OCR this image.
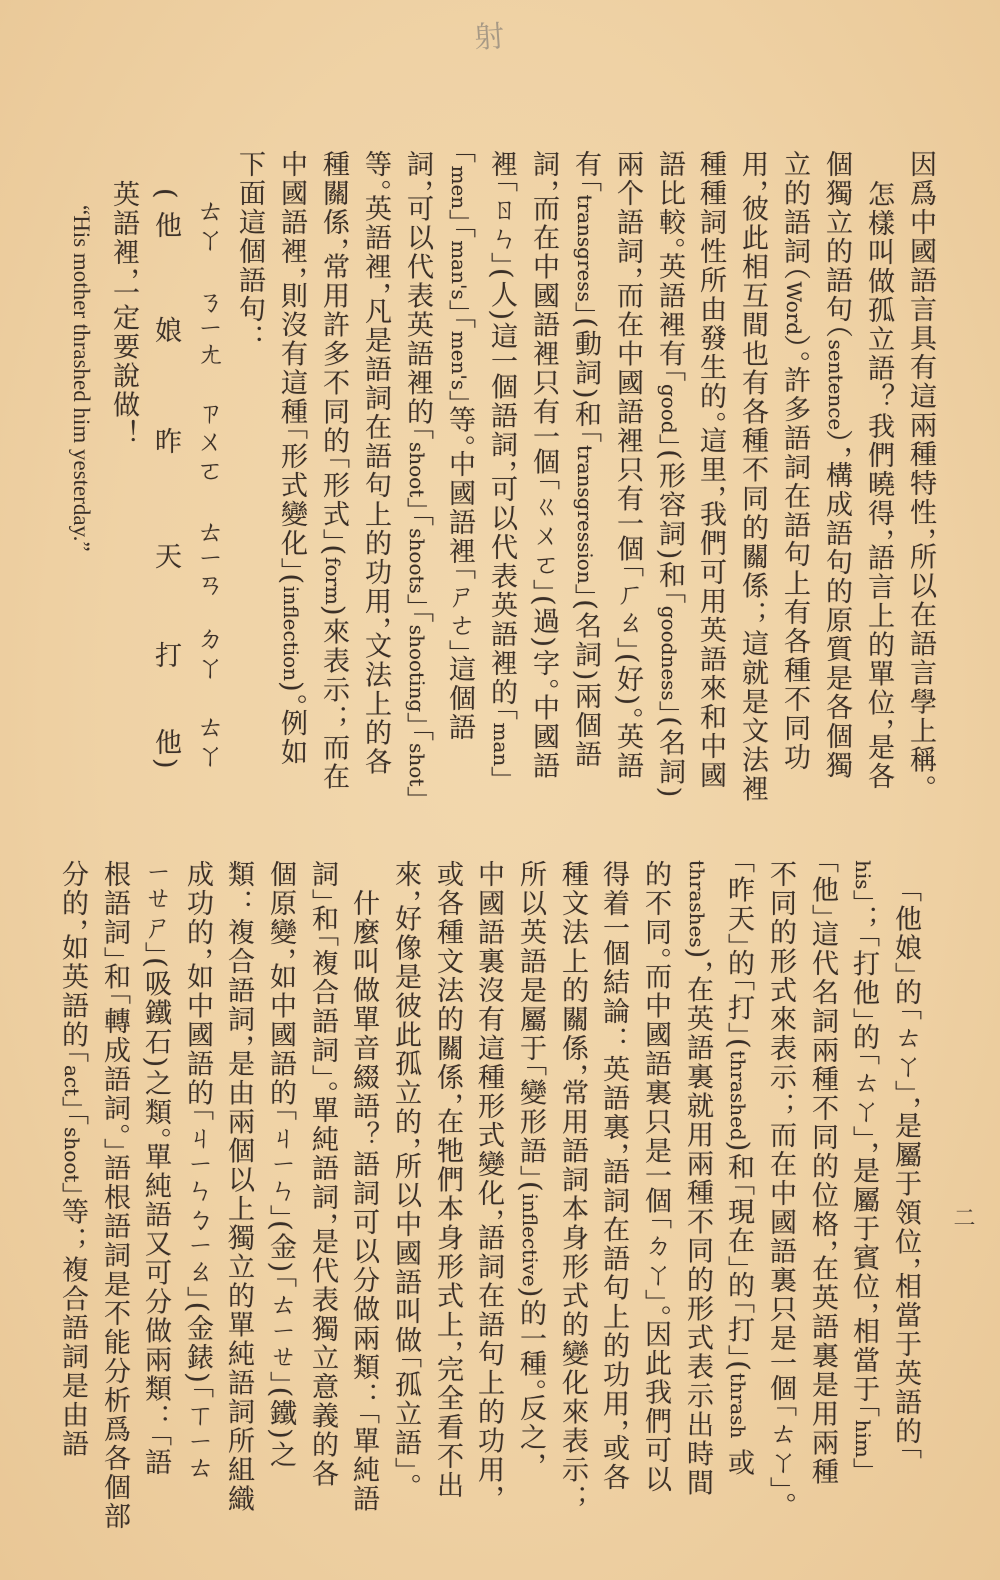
射
因爲中國語言具有這兩種特性，所以在語言學上稱。
怎樣叫做孤立語？我們曉得，語言上的單位，是各
個獨立的語句（sentence），構成語句的原質是各個獨
立的語詞（Word）。許多語詞在語句上有各種不同功
用，彼此相互間也有各種不同的關係；這就是文法裡
種種詞性所由發生的。這里，我們可用英語來和中國
語比較。英語裡有「good」(形容詞)和「goodness」(名詞)
兩个語詞，而在中國語裡只有一個「ㄏㄠ」(好)。英語
有「transgress」(動詞)和「transgression」(名詞)兩個語
詞，而在中國語裡只有一個「ㄍㄨㄛ」(過)字。中國語
裡「ㄖㄣ」(人)這一個語詞，可以代表英語裡的「man」
「men」「man's」「men's」等。中國語裡「ㄕㄜ」這個語
詞，可以代表英語裡的「shoot」「shoots」「shooting」「shot」
等。英語裡，凡是語詞在語句上的功用，文法上的各
種關係，常用許多不同的「形式」(form)來表示；而在
中國語裡，則沒有這種「形式變化」(inflection)。例如
下面這個語句：
ㄊㄚ
ㄋㄧㄤ
ㄗㄨㄛ
ㄊㄧㄢ
ㄉㄚ
ㄊㄚ
(
他
娘
昨
天
打
他
)
英語裡，一定要說做！
“His mother thrashed him yesterday.”
二
「他娘」的「ㄊㄚ」，是屬于領位，相當于英語的「
his」；「打他」的「ㄊㄚ」，是屬于賓位，相當于「him」
「他」這代名詞兩種不同的位格，在英語裏是用兩種
不同的形式來表示；而在中國語裏只是一個「ㄊㄚ」。
「昨天」的「打」(thrashed)和「現在」的「打」(thrash 或
thrashes)，在英語裏就用兩種不同的形式表示出時間
的不同。而中國語裏只是一個「ㄉㄚ」。因此我們可以
得着一個結論：英語裏，語詞在語句上的功用，或各
種文法上的關係，常用語詞本身形式的變化來表示；
所以英語是屬于「變形語」(inflective)的一種。反之，
中國語裏沒有這種形式變化，語詞在語句上的功用，
或各種文法的關係，在牠們本身形式上，完全看不出
來，好像是彼此孤立的，所以中國語叫做「孤立語」。
什麼叫做單音綴語？語詞可以分做兩類：「單純語
詞」和「複合語詞」。單純語詞，是代表獨立意義的各
個原變，如中國語的「ㄐㄧㄣ」(金)「ㄊㄧㄝ」(鐵)之
類：複合語詞，是由兩個以上獨立的單純語詞所組織
成功的，如中國語的「ㄐㄧㄣㄅㄧㄠ」(金錶)「ㄒㄧㄊ
ㄧㄝㄕ」(吸鐵石)之類。單純語又可分做兩類：「語
根語詞」和「轉成語詞。」語根語詞是不能分析爲各個部
分的，如英語的「act」「shoot」等；複合語詞是由語
